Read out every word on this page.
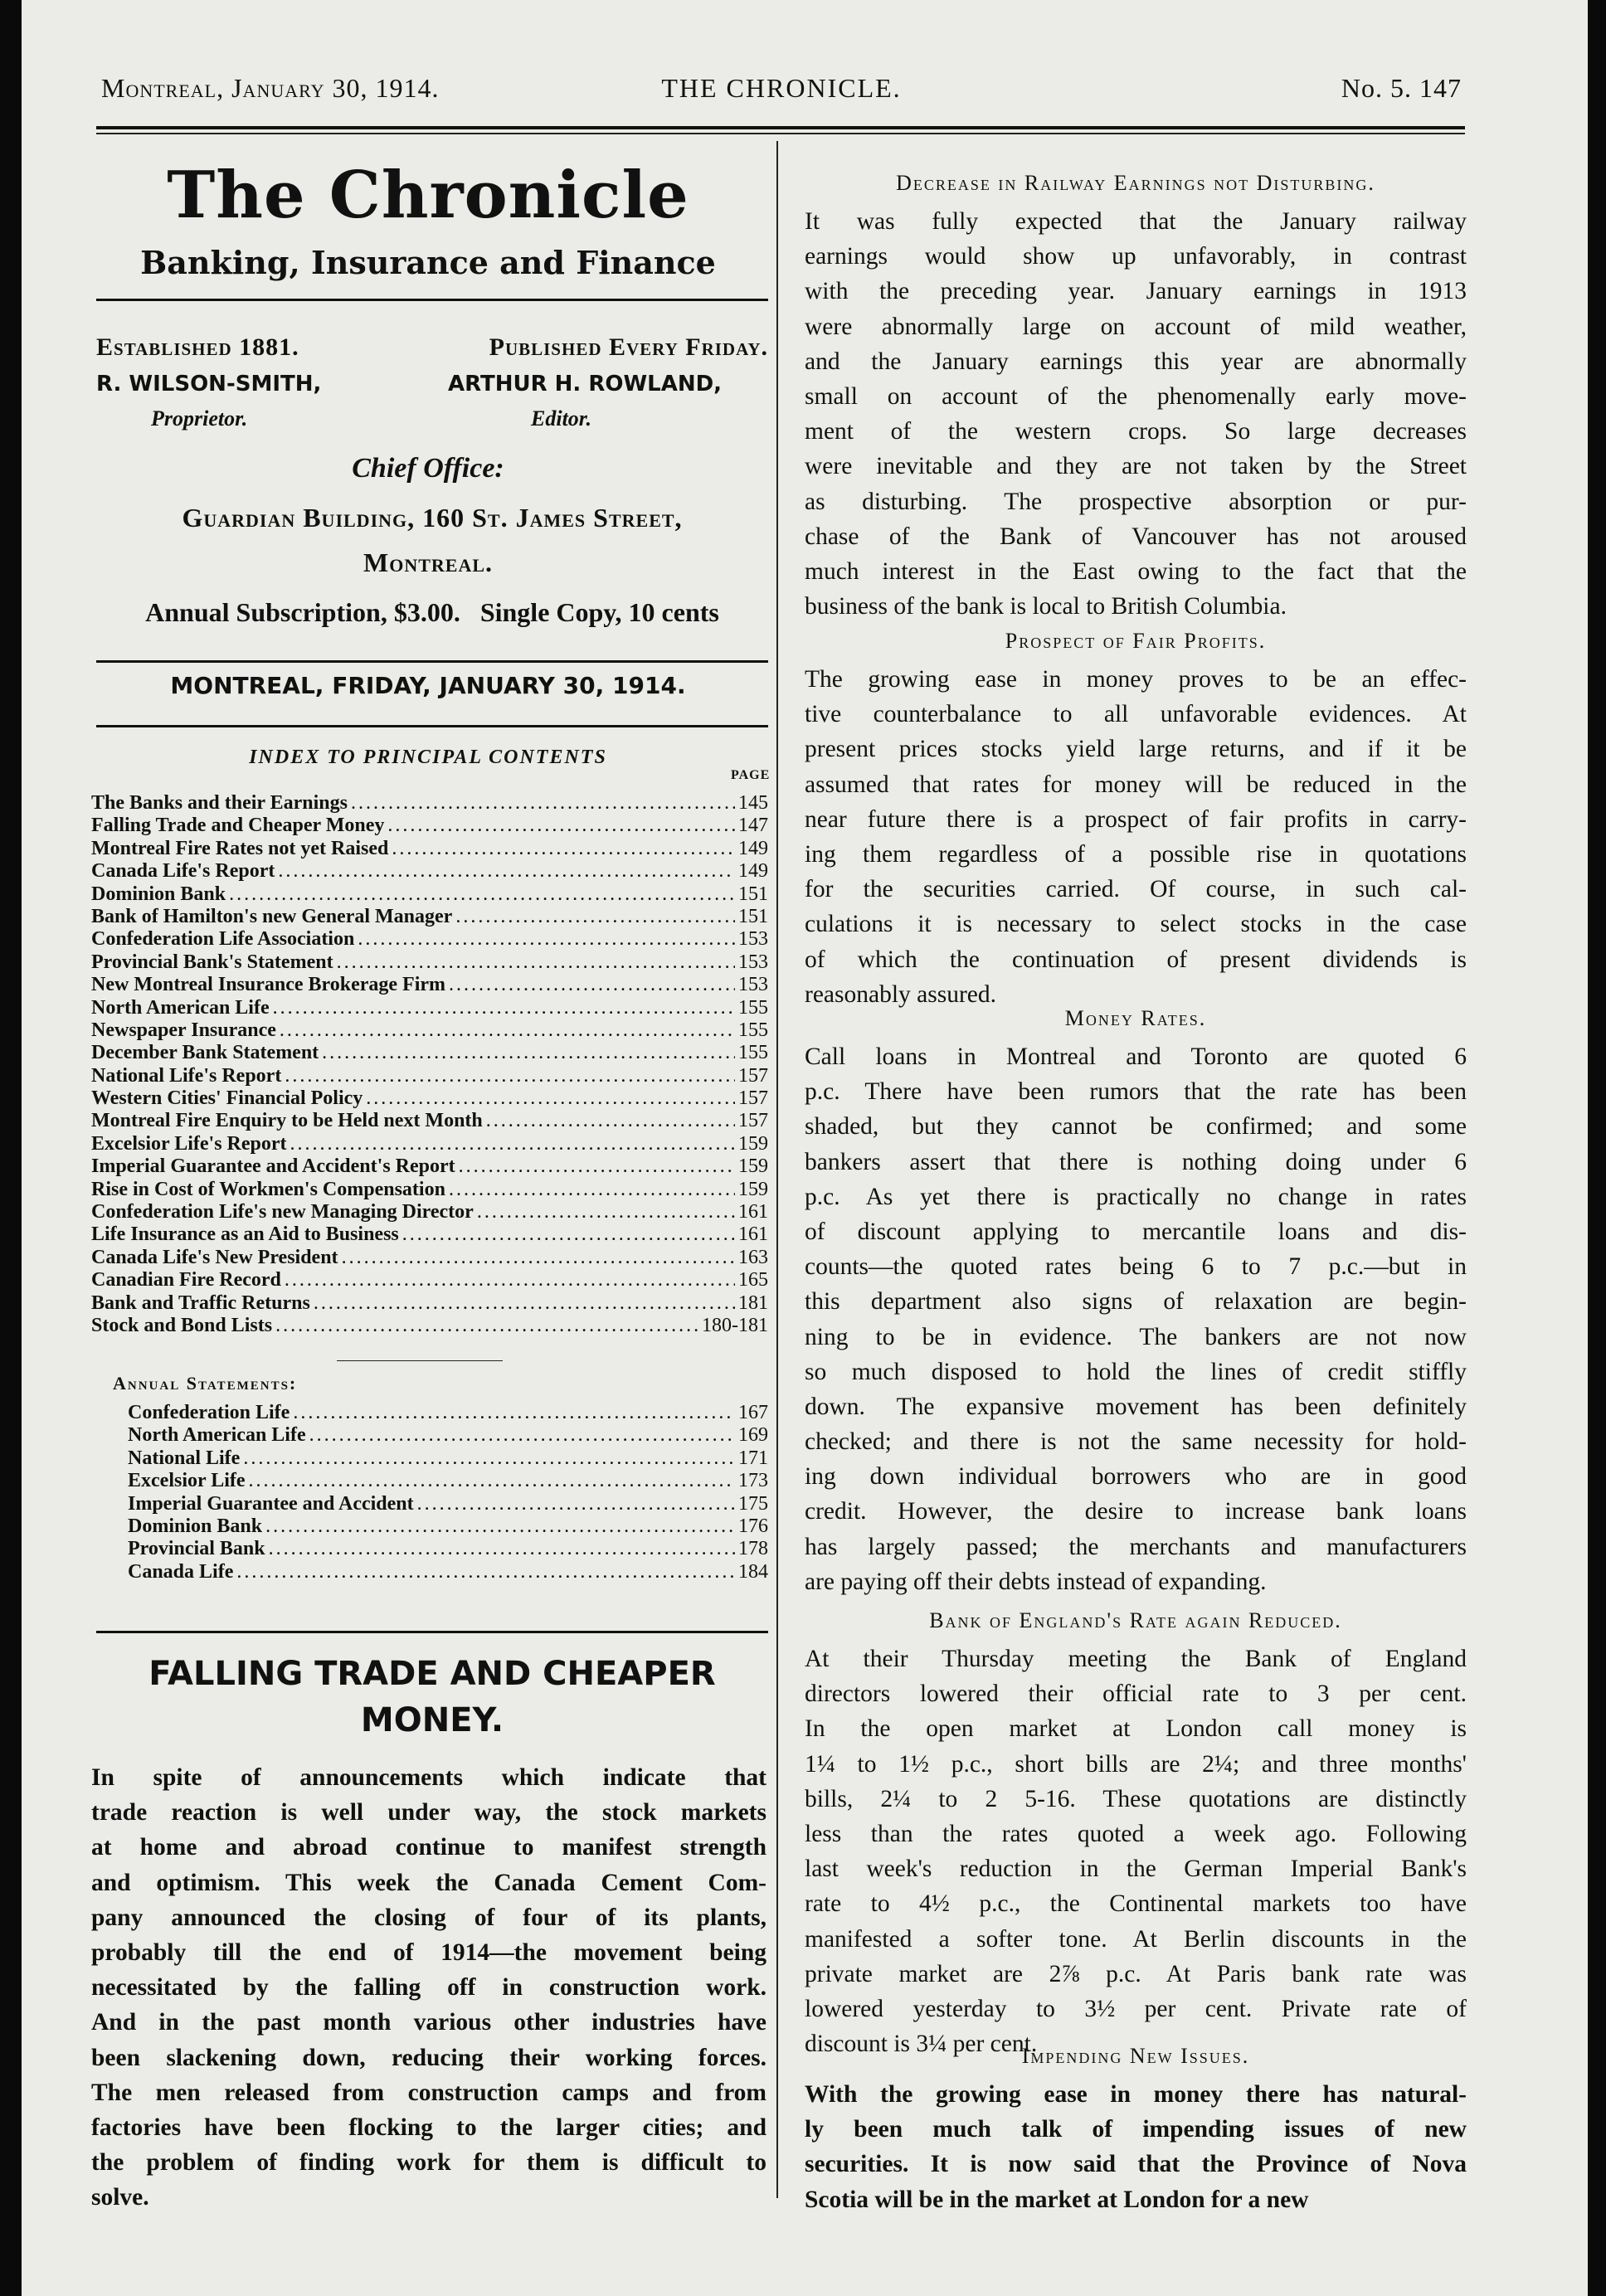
Montreal, January 30, 1914.	THE CHRONICLE.	No. 5. 147
The Chronicle
Banking, Insurance and Finance
Established 1881.	Published Every Friday.
R. WILSON-SMITH,	ARTHUR H. ROWLAND,
Proprietor.	Editor.
Chief Office:
Guardian Building, 160 St. James Street,
Montreal.
Annual Subscription, $3.00.   Single Copy, 10 cents
MONTREAL, FRIDAY, JANUARY 30, 1914.
INDEX TO PRINCIPAL CONTENTS
PAGE
The Banks and their Earnings .....	145
Falling Trade and Cheaper Money .....	147
Montreal Fire Rates not yet Raised .....	149
Canada Life's Report .....	149
Dominion Bank .....	151
Bank of Hamilton's new General Manager .....	151
Confederation Life Association .....	153
Provincial Bank's Statement .....	153
New Montreal Insurance Brokerage Firm .....	153
North American Life .....	155
Newspaper Insurance .....	155
December Bank Statement .....	155
National Life's Report .....	157
Western Cities' Financial Policy .....	157
Montreal Fire Enquiry to be Held next Month .....	157
Excelsior Life's Report .....	159
Imperial Guarantee and Accident's Report .....	159
Rise in Cost of Workmen's Compensation .....	159
Confederation Life's new Managing Director .....	161
Life Insurance as an Aid to Business .....	161
Canada Life's New President .....	163
Canadian Fire Record .....	165
Bank and Traffic Returns .....	181
Stock and Bond Lists .....	180-181
Annual Statements:
Confederation Life .....	167
North American Life .....	169
National Life .....	171
Excelsior Life .....	173
Imperial Guarantee and Accident .....	175
Dominion Bank .....	176
Provincial Bank .....	178
Canada Life .....	184
FALLING TRADE AND CHEAPER
MONEY.
In spite of announcements which indicate that
trade reaction is well under way, the stock markets
at home and abroad continue to manifest strength
and optimism. This week the Canada Cement Com-
pany announced the closing of four of its plants,
probably till the end of 1914—the movement being
necessitated by the falling off in construction work.
And in the past month various other industries have
been slackening down, reducing their working forces.
The men released from construction camps and from
factories have been flocking to the larger cities; and
the problem of finding work for them is difficult to
solve.
Decrease in Railway Earnings not Disturbing.
It was fully expected that the January railway
earnings would show up unfavorably, in contrast
with the preceding year. January earnings in 1913
were abnormally large on account of mild weather,
and the January earnings this year are abnormally
small on account of the phenomenally early move-
ment of the western crops. So large decreases
were inevitable and they are not taken by the Street
as disturbing. The prospective absorption or pur-
chase of the Bank of Vancouver has not aroused
much interest in the East owing to the fact that the
business of the bank is local to British Columbia.
Prospect of Fair Profits.
The growing ease in money proves to be an effec-
tive counterbalance to all unfavorable evidences. At
present prices stocks yield large returns, and if it be
assumed that rates for money will be reduced in the
near future there is a prospect of fair profits in carry-
ing them regardless of a possible rise in quotations
for the securities carried. Of course, in such cal-
culations it is necessary to select stocks in the case
of which the continuation of present dividends is
reasonably assured.
Money Rates.
Call loans in Montreal and Toronto are quoted 6
p.c. There have been rumors that the rate has been
shaded, but they cannot be confirmed; and some
bankers assert that there is nothing doing under 6
p.c. As yet there is practically no change in rates
of discount applying to mercantile loans and dis-
counts—the quoted rates being 6 to 7 p.c.—but in
this department also signs of relaxation are begin-
ning to be in evidence. The bankers are not now
so much disposed to hold the lines of credit stiffly
down. The expansive movement has been definitely
checked; and there is not the same necessity for hold-
ing down individual borrowers who are in good
credit. However, the desire to increase bank loans
has largely passed; the merchants and manufacturers
are paying off their debts instead of expanding.
Bank of England's Rate again Reduced.
At their Thursday meeting the Bank of England
directors lowered their official rate to 3 per cent.
In the open market at London call money is
1¼ to 1½ p.c., short bills are 2¼; and three months'
bills, 2¼ to 2 5-16. These quotations are distinctly
less than the rates quoted a week ago. Following
last week's reduction in the German Imperial Bank's
rate to 4½ p.c., the Continental markets too have
manifested a softer tone. At Berlin discounts in the
private market are 2⅞ p.c. At Paris bank rate was
lowered yesterday to 3½ per cent. Private rate of
discount is 3¼ per cent.
Impending New Issues.
With the growing ease in money there has natural-
ly been much talk of impending issues of new
securities. It is now said that the Province of Nova
Scotia will be in the market at London for a new
